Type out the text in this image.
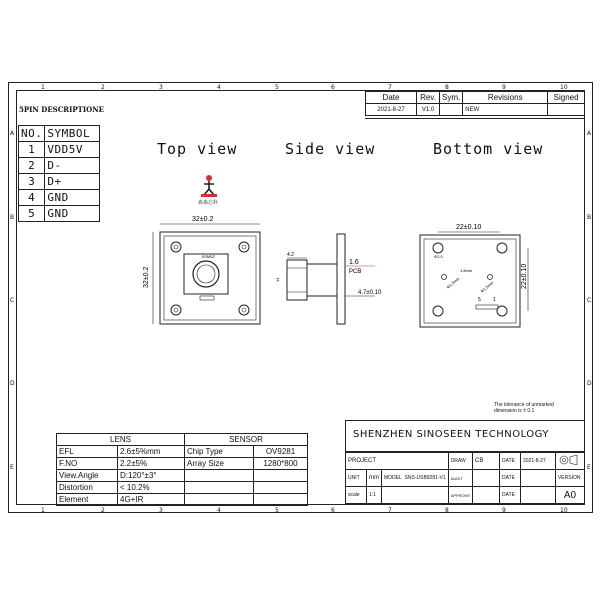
1	2	3	4	5	6	7	8	9	10
1	2	3	4	5	6	7	8	9	10
A
B
C
D
E
A
B
C
D
E
Date	Rev.	Sym.	Revisions	Signed
2021-8-27	V1.0		NEW	
5PIN DESCRIPTIONE
NO.	SYMBOL
1	VDD5V
2	D-
3	D+
4	GND
5	GND
Top view	Side view	Bottom view
森森芯科
32±0.2
5SM5Z
32±0.2
4.2
14
1.6
PCB
4.7±0.10
22±0.10
Φ2.0
1.8mm
Φ1.5mm	Φ1.5mm
5 1
22±0.10
The tolerance of unmarked
dimension is ± 0.1
SHENZHEN SINOSEEN TECHNOLOGY
PROJECT			DRAW	CB	DATE	2021-8-27	
UNIT	mm	MODEL SNS-USB9281-V1	AUDIT		DATE		VERSION
scale	1:1		APPROVE		DATE		A0
LENS		SENSOR	
EFL	2.6±5%mm	Chip Type	OV9281
F.NO	2.2±5%	Array Size	1280*800
View.Angle	D:120°±3°		
Distortion	< 10.2%		
Element	4G+IR		
